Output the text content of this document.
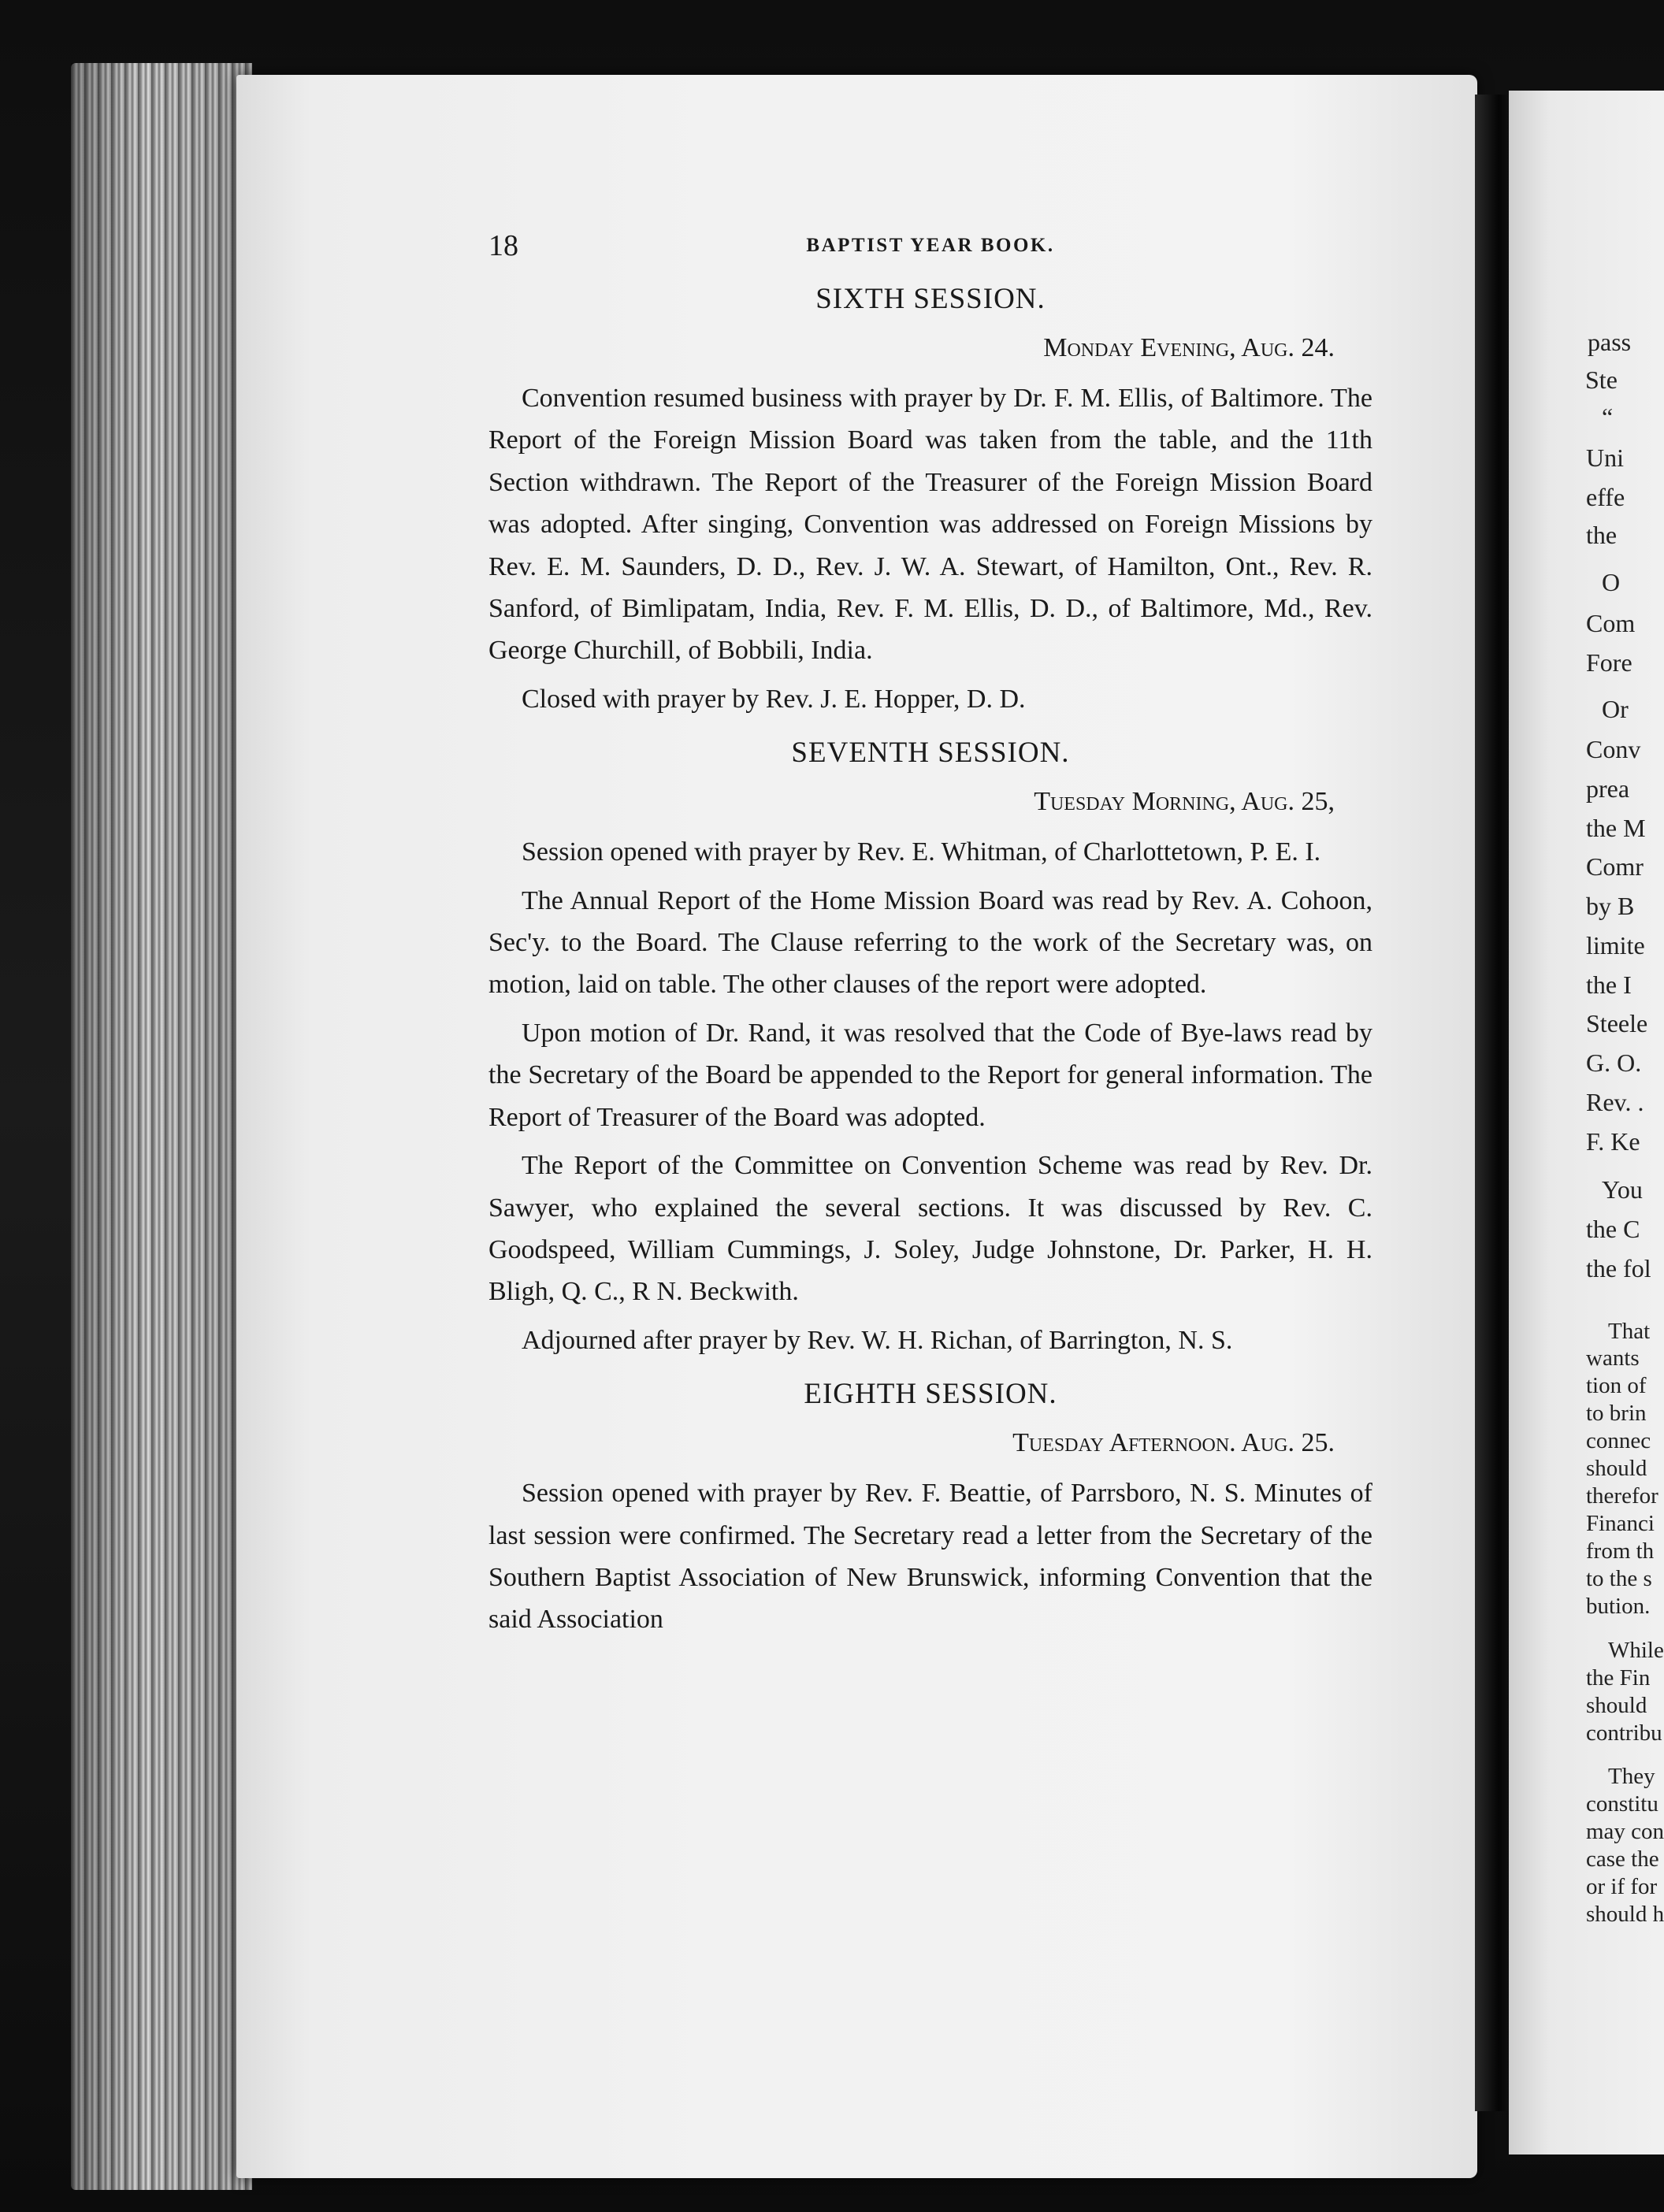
pass
Ste
“
Uni
effe
the
O
Com
Fore
Or
Conv
prea
the M
Comr
by B
limite
the I
Steele
G. O.
Rev. .
F. Ke
You
the C
the fol
That
wants
tion of
to brin
connec
should
therefor
Financi
from th
to the s
bution.
While
the Fin
should
contribu
They
constitu
may con
case the
or if for
should h
18	BAPTIST YEAR BOOK.
SIXTH SESSION.
Monday Evening, Aug. 24.

Convention resumed business with prayer by Dr. F. M. Ellis, of Baltimore. The Report of the Foreign Mission Board was taken from the table, and the 11th Section withdrawn. The Report of the Treasurer of the Foreign Mission Board was adopted. After singing, Convention was addressed on Foreign Missions by Rev. E. M. Saunders, D. D., Rev. J. W. A. Stewart, of Hamilton, Ont., Rev. R. Sanford, of Bimlipatam, India, Rev. F. M. Ellis, D. D., of Baltimore, Md., Rev. George Churchill, of Bobbili, India.

Closed with prayer by Rev. J. E. Hopper, D. D.

SEVENTH SESSION.
Tuesday Morning, Aug. 25,

Session opened with prayer by Rev. E. Whitman, of Charlottetown, P. E. I.

The Annual Report of the Home Mission Board was read by Rev. A. Cohoon, Sec'y. to the Board. The Clause referring to the work of the Secretary was, on motion, laid on table. The other clauses of the report were adopted.

Upon motion of Dr. Rand, it was resolved that the Code of Bye-laws read by the Secretary of the Board be appended to the Report for general information. The Report of Treasurer of the Board was adopted.

The Report of the Committee on Convention Scheme was read by Rev. Dr. Sawyer, who explained the several sections. It was discussed by Rev. C. Goodspeed, William Cummings, J. Soley, Judge Johnstone, Dr. Parker, H. H. Bligh, Q. C., R N. Beckwith.

Adjourned after prayer by Rev. W. H. Richan, of Barrington, N. S.

EIGHTH SESSION.
Tuesday Afternoon. Aug. 25.

Session opened with prayer by Rev. F. Beattie, of Parrsboro, N. S. Minutes of last session were confirmed. The Secretary read a letter from the Secretary of the Southern Baptist Association of New Brunswick, informing Convention that the said Association
